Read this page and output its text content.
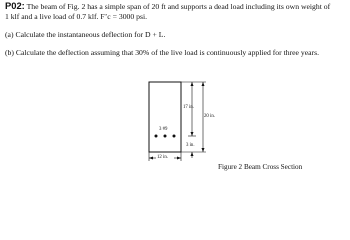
P02: The beam of Fig. 2 has a simple span of 20 ft and supports a dead load including its own weight of
1 klf and a live load of 0.7 klf. F’c = 3000 psi.
(a) Calculate the instantaneous deflection for D + L.
(b) Calculate the deflection assuming that 30% of the live load is continuously applied for three years.
17 in.
20 in.
3 in.
3 #9
12 in.
Figure 2 Beam Cross Section
